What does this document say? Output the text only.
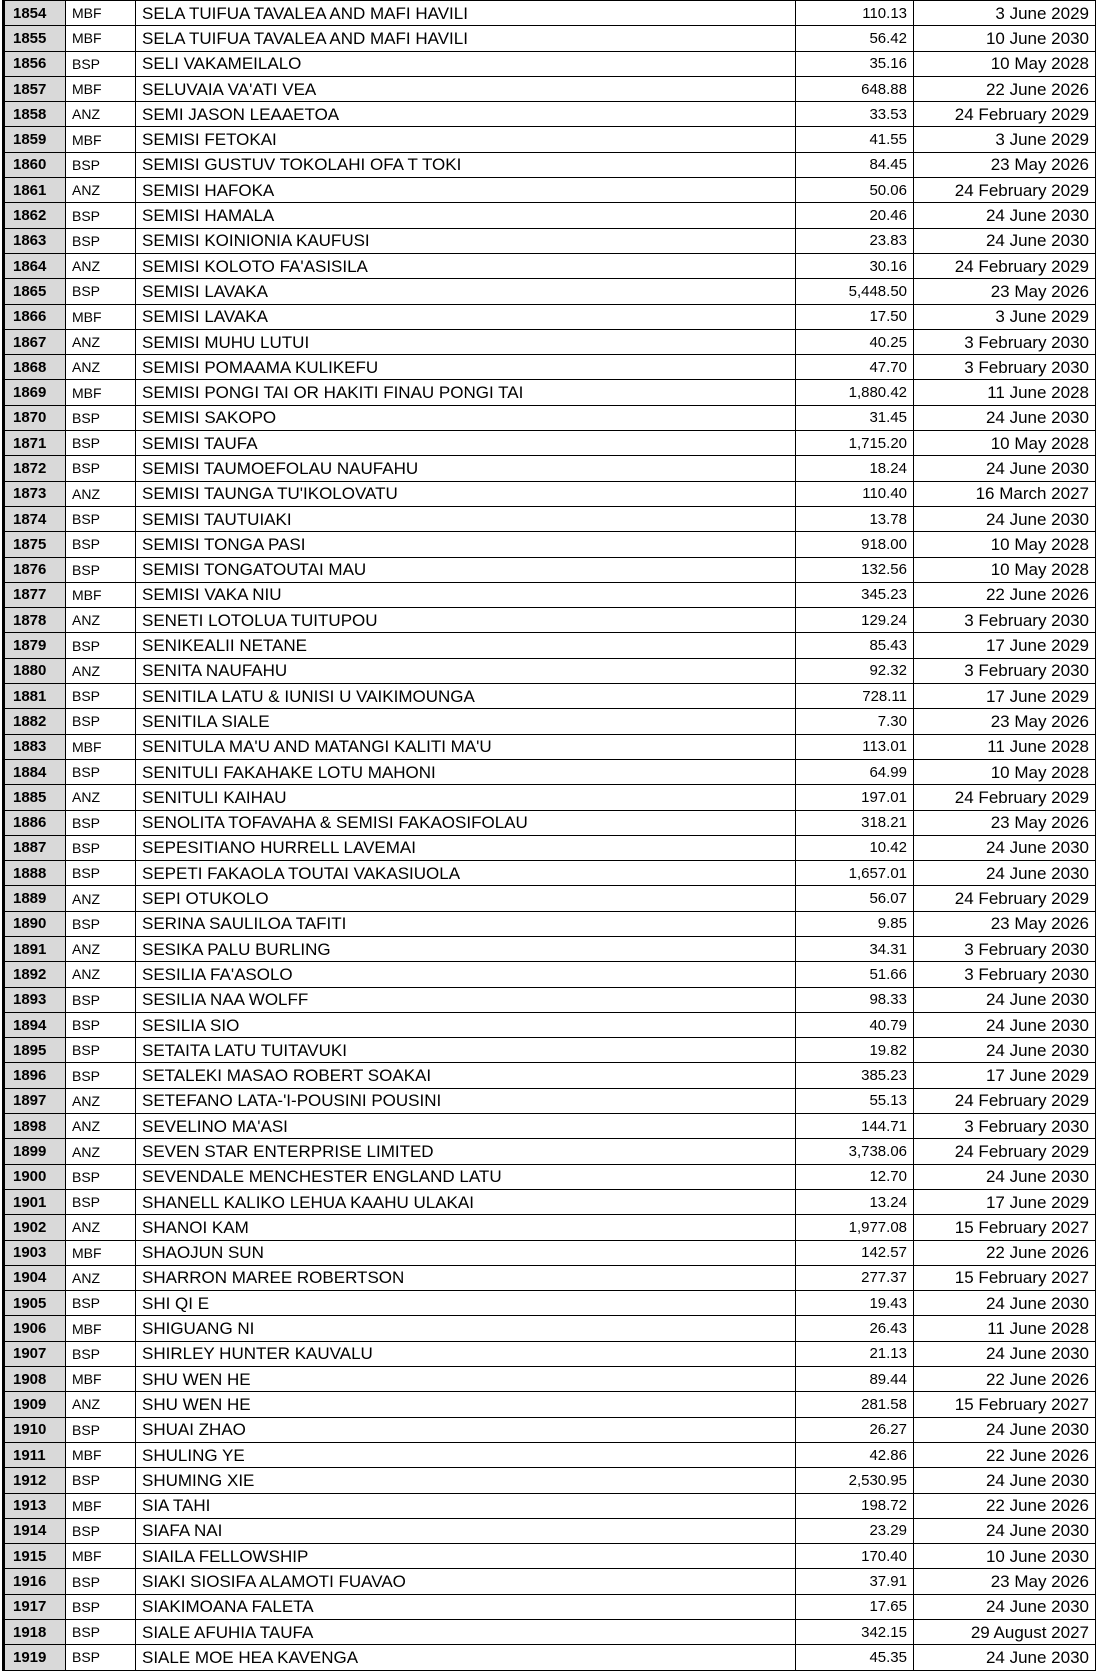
1854	MBF	SELA TUIFUA TAVALEA AND MAFI HAVILI	110.13	3 June 2029
1855	MBF	SELA TUIFUA TAVALEA AND MAFI HAVILI	56.42	10 June 2030
1856	BSP	SELI VAKAMEILALO	35.16	10 May 2028
1857	MBF	SELUVAIA VA'ATI VEA	648.88	22 June 2026
1858	ANZ	SEMI JASON LEAAETOA	33.53	24 February 2029
1859	MBF	SEMISI FETOKAI	41.55	3 June 2029
1860	BSP	SEMISI GUSTUV TOKOLAHI OFA T TOKI	84.45	23 May 2026
1861	ANZ	SEMISI HAFOKA	50.06	24 February 2029
1862	BSP	SEMISI HAMALA	20.46	24 June 2030
1863	BSP	SEMISI KOINIONIA KAUFUSI	23.83	24 June 2030
1864	ANZ	SEMISI KOLOTO FA'ASISILA	30.16	24 February 2029
1865	BSP	SEMISI LAVAKA	5,448.50	23 May 2026
1866	MBF	SEMISI LAVAKA	17.50	3 June 2029
1867	ANZ	SEMISI MUHU LUTUI	40.25	3 February 2030
1868	ANZ	SEMISI POMAAMA KULIKEFU	47.70	3 February 2030
1869	MBF	SEMISI PONGI TAI OR HAKITI FINAU PONGI TAI	1,880.42	11 June 2028
1870	BSP	SEMISI SAKOPO	31.45	24 June 2030
1871	BSP	SEMISI TAUFA	1,715.20	10 May 2028
1872	BSP	SEMISI TAUMOEFOLAU NAUFAHU	18.24	24 June 2030
1873	ANZ	SEMISI TAUNGA TU'IKOLOVATU	110.40	16 March 2027
1874	BSP	SEMISI TAUTUIAKI	13.78	24 June 2030
1875	BSP	SEMISI TONGA PASI	918.00	10 May 2028
1876	BSP	SEMISI TONGATOUTAI MAU	132.56	10 May 2028
1877	MBF	SEMISI VAKA NIU	345.23	22 June 2026
1878	ANZ	SENETI LOTOLUA TUITUPOU	129.24	3 February 2030
1879	BSP	SENIKEALII NETANE	85.43	17 June 2029
1880	ANZ	SENITA NAUFAHU	92.32	3 February 2030
1881	BSP	SENITILA LATU & IUNISI U VAIKIMOUNGA	728.11	17 June 2029
1882	BSP	SENITILA SIALE	7.30	23 May 2026
1883	MBF	SENITULA MA'U AND MATANGI KALITI MA'U	113.01	11 June 2028
1884	BSP	SENITULI FAKAHAKE LOTU MAHONI	64.99	10 May 2028
1885	ANZ	SENITULI KAIHAU	197.01	24 February 2029
1886	BSP	SENOLITA TOFAVAHA & SEMISI FAKAOSIFOLAU	318.21	23 May 2026
1887	BSP	SEPESITIANO HURRELL LAVEMAI	10.42	24 June 2030
1888	BSP	SEPETI FAKAOLA TOUTAI VAKASIUOLA	1,657.01	24 June 2030
1889	ANZ	SEPI OTUKOLO	56.07	24 February 2029
1890	BSP	SERINA SAULILOA TAFITI	9.85	23 May 2026
1891	ANZ	SESIKA PALU BURLING	34.31	3 February 2030
1892	ANZ	SESILIA FA'ASOLO	51.66	3 February 2030
1893	BSP	SESILIA NAA WOLFF	98.33	24 June 2030
1894	BSP	SESILIA SIO	40.79	24 June 2030
1895	BSP	SETAITA LATU TUITAVUKI	19.82	24 June 2030
1896	BSP	SETALEKI MASAO ROBERT SOAKAI	385.23	17 June 2029
1897	ANZ	SETEFANO LATA-'I-POUSINI POUSINI	55.13	24 February 2029
1898	ANZ	SEVELINO MA'ASI	144.71	3 February 2030
1899	ANZ	SEVEN STAR ENTERPRISE LIMITED	3,738.06	24 February 2029
1900	BSP	SEVENDALE MENCHESTER ENGLAND LATU	12.70	24 June 2030
1901	BSP	SHANELL KALIKO LEHUA KAAHU ULAKAI	13.24	17 June 2029
1902	ANZ	SHANOI KAM	1,977.08	15 February 2027
1903	MBF	SHAOJUN SUN	142.57	22 June 2026
1904	ANZ	SHARRON MAREE ROBERTSON	277.37	15 February 2027
1905	BSP	SHI QI E	19.43	24 June 2030
1906	MBF	SHIGUANG NI	26.43	11 June 2028
1907	BSP	SHIRLEY HUNTER KAUVALU	21.13	24 June 2030
1908	MBF	SHU WEN HE	89.44	22 June 2026
1909	ANZ	SHU WEN HE	281.58	15 February 2027
1910	BSP	SHUAI ZHAO	26.27	24 June 2030
1911	MBF	SHULING YE	42.86	22 June 2026
1912	BSP	SHUMING XIE	2,530.95	24 June 2030
1913	MBF	SIA TAHI	198.72	22 June 2026
1914	BSP	SIAFA NAI	23.29	24 June 2030
1915	MBF	SIAILA FELLOWSHIP	170.40	10 June 2030
1916	BSP	SIAKI SIOSIFA ALAMOTI FUAVAO	37.91	23 May 2026
1917	BSP	SIAKIMOANA FALETA	17.65	24 June 2030
1918	BSP	SIALE AFUHIA TAUFA	342.15	29 August 2027
1919	BSP	SIALE MOE HEA KAVENGA	45.35	24 June 2030
